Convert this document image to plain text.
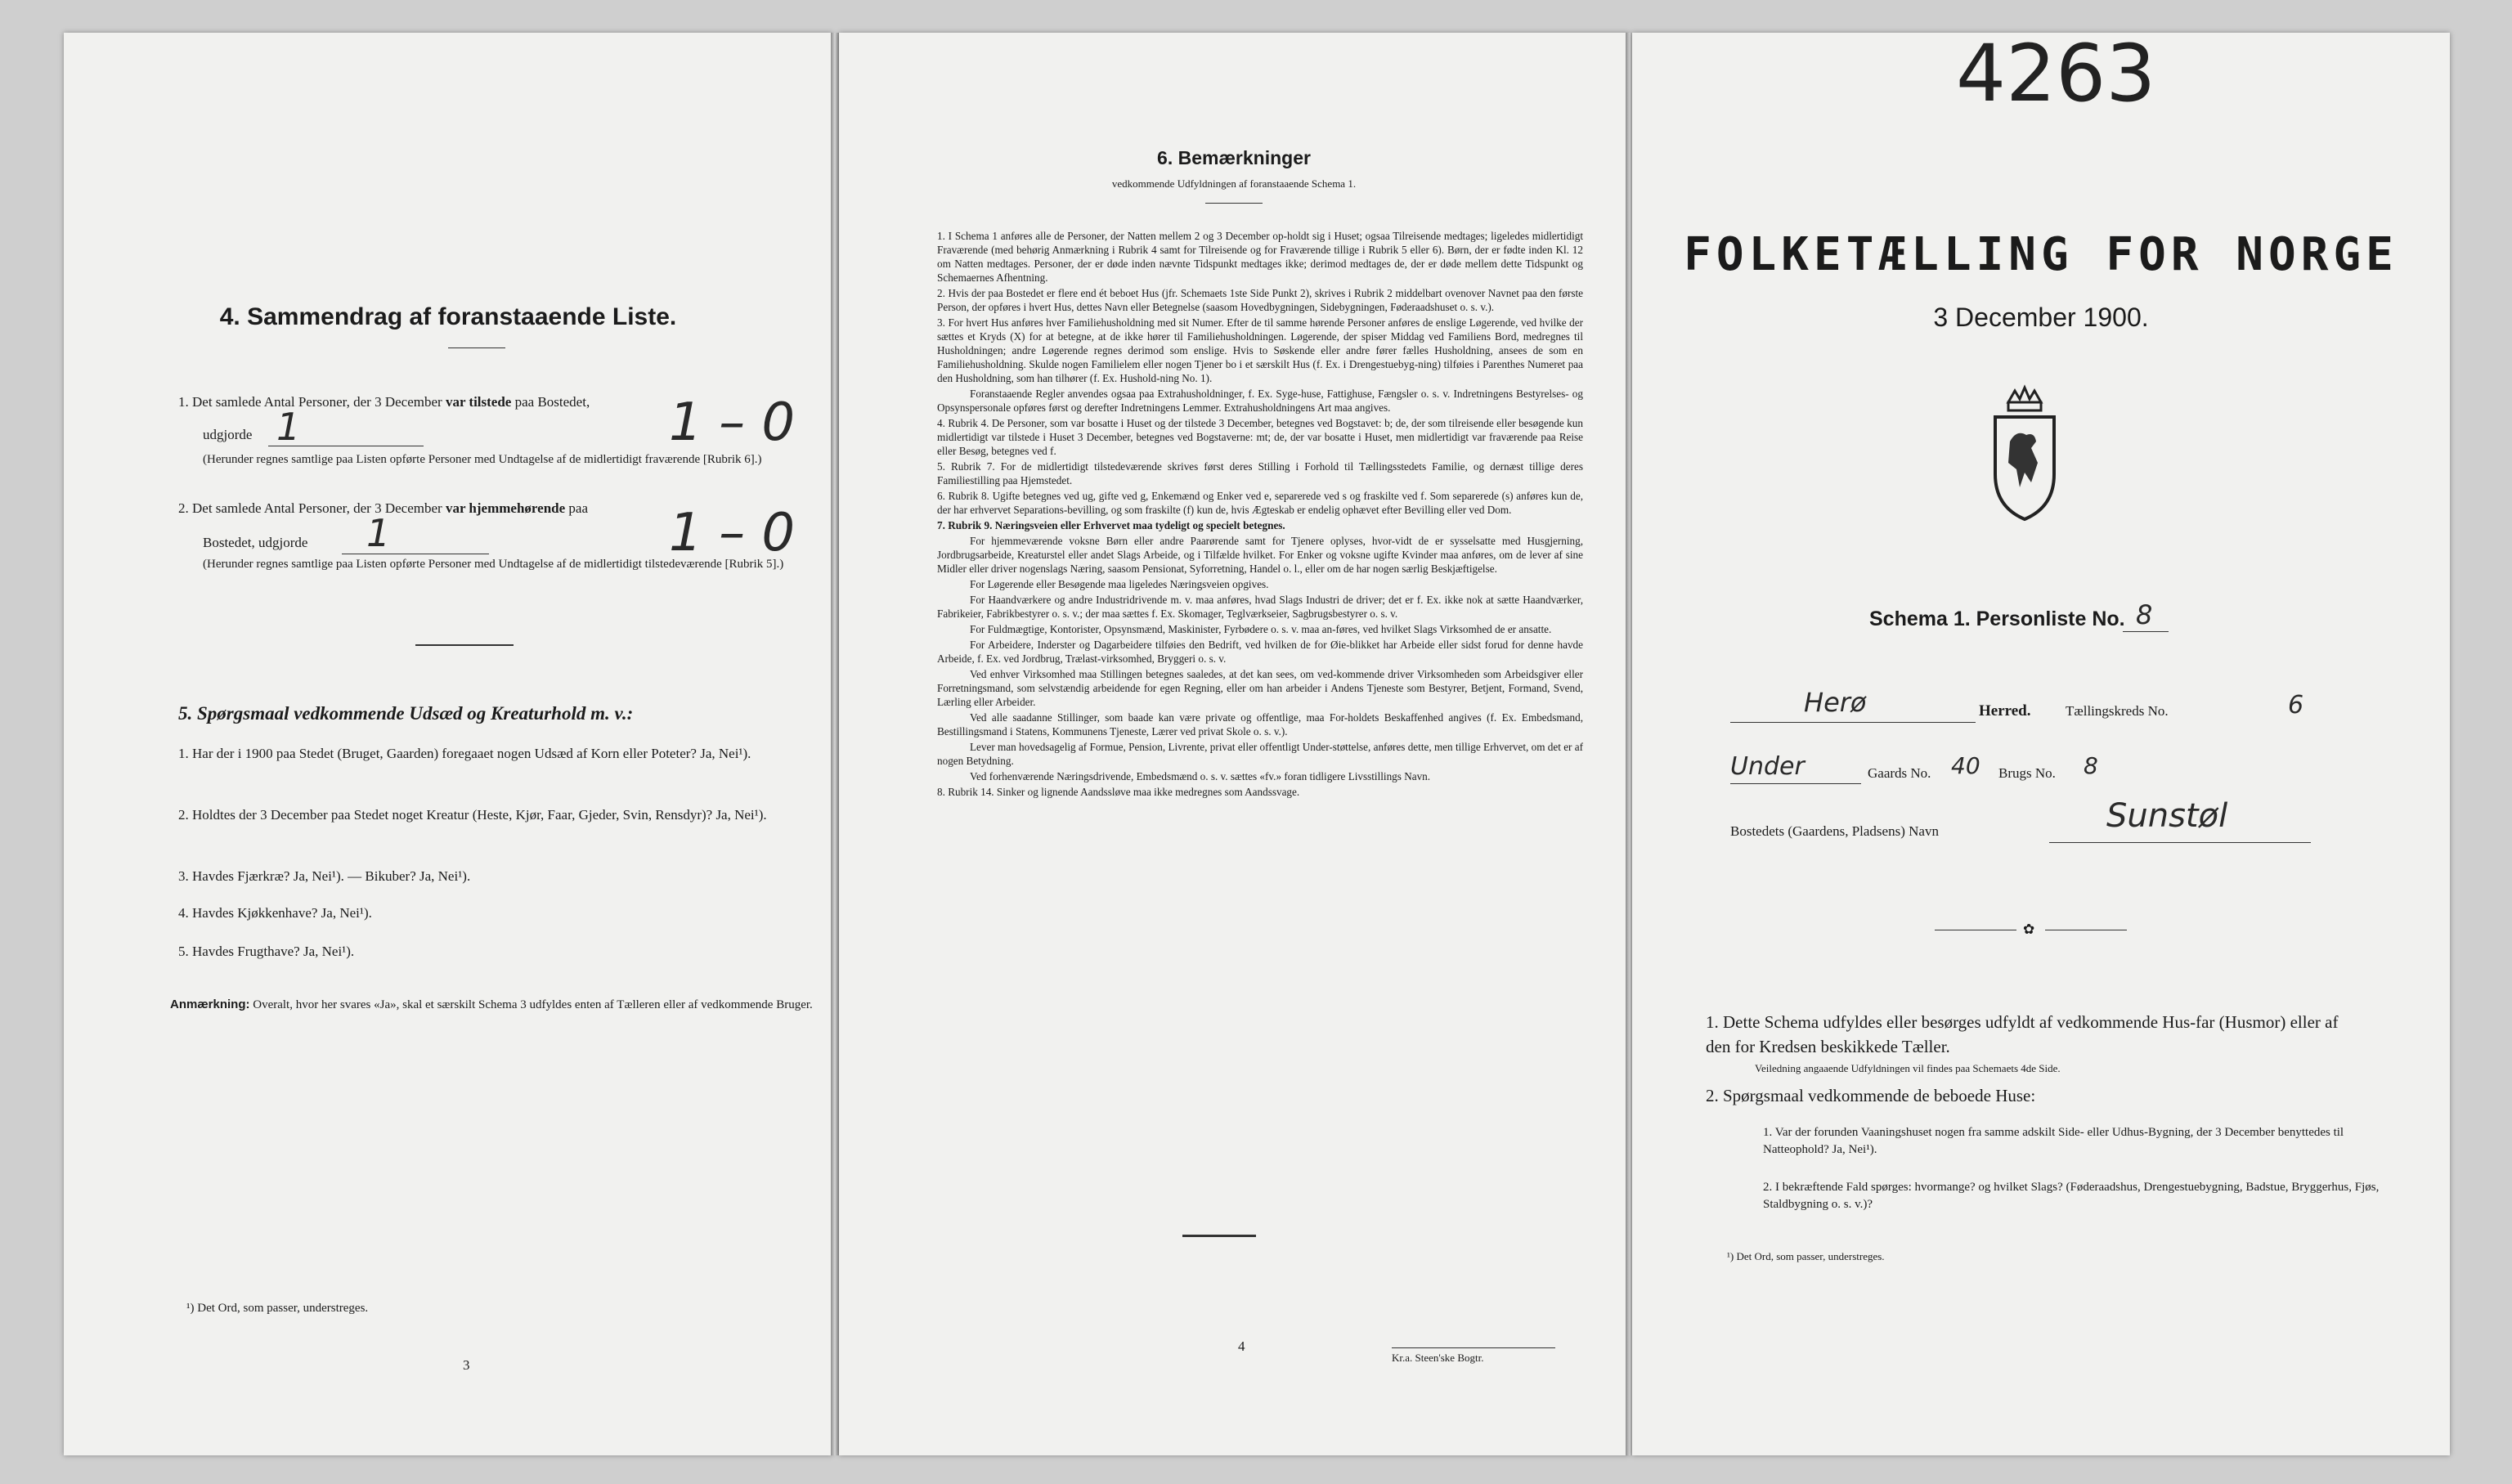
4. Sammendrag af foranstaaende Liste.
1. Det samlede Antal Personer, der 3 December var tilstede paa Bostedet,
udgjorde 1	1 – 0
(Herunder regnes samtlige paa Listen opførte Personer med Undtagelse af de midlertidigt fraværende [Rubrik 6].)
2. Det samlede Antal Personer, der 3 December var hjemmehørende paa
Bostedet, udgjorde 1	1 – 0
(Herunder regnes samtlige paa Listen opførte Personer med Undtagelse af de midlertidigt tilstedeværende [Rubrik 5].)
5. Spørgsmaal vedkommende Udsæd og Kreaturhold m. v.:
1. Har der i 1900 paa Stedet (Bruget, Gaarden) foregaaet nogen Udsæd af Korn eller Poteter? Ja, Nei¹).
2. Holdtes der 3 December paa Stedet noget Kreatur (Heste, Kjør, Faar, Gjeder, Svin, Rensdyr)? Ja, Nei¹).
3. Havdes Fjærkræ? Ja, Nei¹). — Bikuber? Ja, Nei¹).
4. Havdes Kjøkkenhave? Ja, Nei¹).
5. Havdes Frugthave? Ja, Nei¹).
Anmærkning: Overalt, hvor her svares «Ja», skal et særskilt Schema 3 udfyldes enten af Tælleren eller af vedkommende Bruger.
¹) Det Ord, som passer, understreges.
3
6. Bemærkninger
vedkommende Udfyldningen af foranstaaende Schema 1.

1. I Schema 1 anføres alle de Personer, der Natten mellem 2 og 3 December op-holdt sig i Huset; ogsaa Tilreisende medtages; ligeledes midlertidigt Fraværende (med behørig Anmærkning i Rubrik 4 samt for Tilreisende og for Fraværende tillige i Rubrik 5 eller 6). Børn, der er fødte inden Kl. 12 om Natten medtages. Personer, der er døde inden nævnte Tidspunkt medtages ikke; derimod medtages de, der er døde mellem dette Tidspunkt og Schemaernes Afhentning.

2. Hvis der paa Bostedet er flere end ét beboet Hus (jfr. Schemaets 1ste Side Punkt 2), skrives i Rubrik 2 middelbart ovenover Navnet paa den første Person, der opføres i hvert Hus, dettes Navn eller Betegnelse (saasom Hovedbygningen, Sidebygningen, Føderaadshuset o. s. v.).

3. For hvert Hus anføres hver Familiehusholdning med sit Numer. Efter de til samme hørende Personer anføres de enslige Løgerende, ved hvilke der sættes et Kryds (X) for at betegne, at de ikke hører til Familiehusholdningen. Løgerende, der spiser Middag ved Familiens Bord, medregnes til Husholdningen; andre Løgerende regnes derimod som enslige. Hvis to Søskende eller andre fører fælles Husholdning, ansees de som en Familiehusholdning. Skulde nogen Familielem eller nogen Tjener bo i et særskilt Hus (f. Ex. i Drengestuebyg-ning) tilføies i Parenthes Numeret paa den Husholdning, som han tilhører (f. Ex. Hushold-ning No. 1).

Foranstaaende Regler anvendes ogsaa paa Extrahusholdninger, f. Ex. Syge-huse, Fattighuse, Fængsler o. s. v. Indretningens Bestyrelses- og Opsynspersonale opføres først og derefter Indretningens Lemmer. Extrahusholdningens Art maa angives.

4. Rubrik 4. De Personer, som var bosatte i Huset og der tilstede 3 December, betegnes ved Bogstavet: b; de, der som tilreisende eller besøgende kun midlertidigt var tilstede i Huset 3 December, betegnes ved Bogstaverne: mt; de, der var bosatte i Huset, men midlertidigt var fraværende paa Reise eller Besøg, betegnes ved f.

5. Rubrik 7. For de midlertidigt tilstedeværende skrives først deres Stilling i Forhold til Tællingsstedets Familie, og dernæst tillige deres Familiestilling paa Hjemstedet.

6. Rubrik 8. Ugifte betegnes ved ug, gifte ved g, Enkemænd og Enker ved e, separerede ved s og fraskilte ved f. Som separerede (s) anføres kun de, der har erhvervet Separations-bevilling, og som fraskilte (f) kun de, hvis Ægteskab er endelig ophævet efter Bevilling eller ved Dom.

7. Rubrik 9. Næringsveien eller Erhvervet maa tydeligt og specielt betegnes.

For hjemmeværende voksne Børn eller andre Paarørende samt for Tjenere oplyses, hvor-vidt de er sysselsatte med Husgjerning, Jordbrugsarbeide, Kreaturstel eller andet Slags Arbeide, og i Tilfælde hvilket. For Enker og voksne ugifte Kvinder maa anføres, om de lever af sine Midler eller driver nogenslags Næring, saasom Pensionat, Syforretning, Handel o. l., eller om de har nogen særlig Beskjæftigelse.

For Løgerende eller Besøgende maa ligeledes Næringsveien opgives.

For Haandværkere og andre Industridrivende m. v. maa anføres, hvad Slags Industri de driver; det er f. Ex. ikke nok at sætte Haandværker, Fabrikeier, Fabrikbestyrer o. s. v.; der maa sættes f. Ex. Skomager, Teglværkseier, Sagbrugsbestyrer o. s. v.

For Fuldmægtige, Kontorister, Opsynsmænd, Maskinister, Fyrbødere o. s. v. maa an-føres, ved hvilket Slags Virksomhed de er ansatte.

For Arbeidere, Inderster og Dagarbeidere tilføies den Bedrift, ved hvilken de for Øie-blikket har Arbeide eller sidst forud for denne havde Arbeide, f. Ex. ved Jordbrug, Trælast-virksomhed, Bryggeri o. s. v.

Ved enhver Virksomhed maa Stillingen betegnes saaledes, at det kan sees, om ved-kommende driver Virksomheden som Arbeidsgiver eller Forretningsmand, som selvstændig arbeidende for egen Regning, eller om han arbeider i Andens Tjeneste som Bestyrer, Betjent, Formand, Svend, Lærling eller Arbeider.

Ved alle saadanne Stillinger, som baade kan være private og offentlige, maa For-holdets Beskaffenhed angives (f. Ex. Embedsmand, Bestillingsmand i Statens, Kommunens Tjeneste, Lærer ved privat Skole o. s. v.).

Lever man hovedsagelig af Formue, Pension, Livrente, privat eller offentligt Under-støttelse, anføres dette, men tillige Erhvervet, om det er af nogen Betydning.

Ved forhenværende Næringsdrivende, Embedsmænd o. s. v. sættes «fv.» foran tidligere Livsstillings Navn.

8. Rubrik 14. Sinker og lignende Aandssløve maa ikke medregnes som Aandssvage.

4
Kr.a. Steen'ske Bogtr.
4263
FOLKETÆLLING FOR NORGE
3 December 1900.
Schema 1. Personliste No. 8
Herø	Herred.	Tællingskreds No.	6
Under	Gaards No. 40 Brugs No. 8
Bostedets (Gaardens, Pladsens) Navn	Sunstøl
✿
1. Dette Schema udfyldes eller besørges udfyldt af vedkommende Hus-far (Husmor) eller af den for Kredsen beskikkede Tæller.
Veiledning angaaende Udfyldningen vil findes paa Schemaets 4de Side.
2. Spørgsmaal vedkommende de beboede Huse:
1. Var der forunden Vaaningshuset nogen fra samme adskilt Side- eller Udhus-Bygning, der 3 December benyttedes til Natteophold? Ja, Nei¹).
2. I bekræftende Fald spørges: hvormange? og hvilket Slags? (Føderaadshus, Drengestuebygning, Badstue, Bryggerhus, Fjøs, Staldbygning o. s. v.)?
¹) Det Ord, som passer, understreges.
